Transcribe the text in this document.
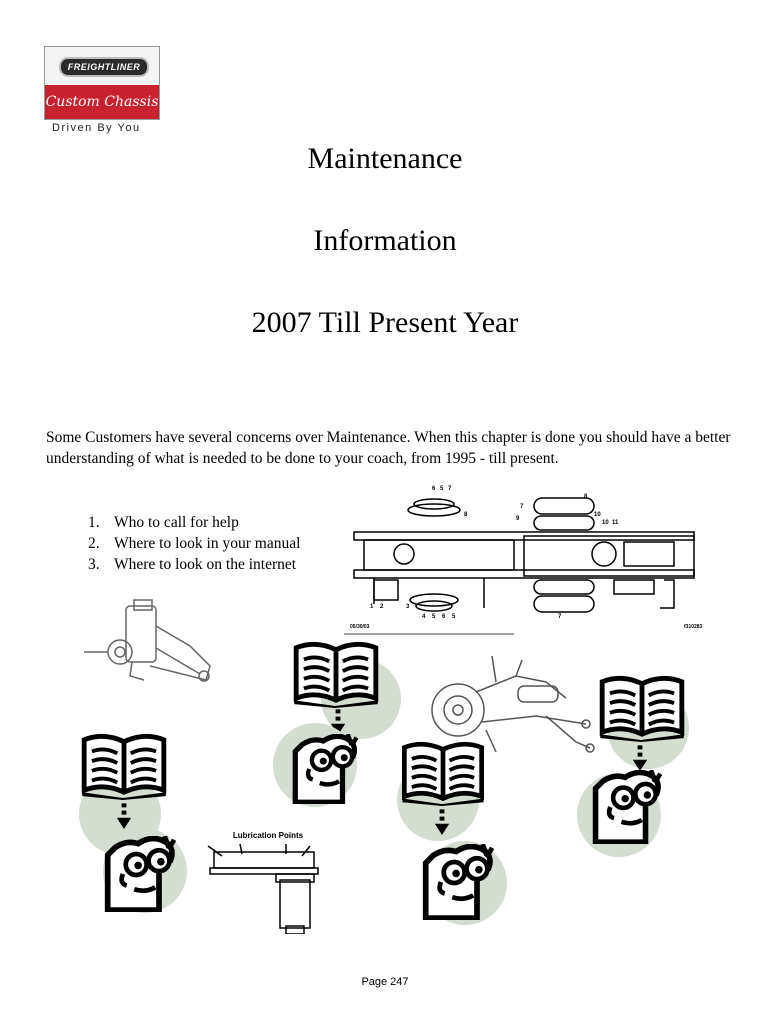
FREIGHTLINER
Custom Chassis
Driven By You
Maintenance
Information
2007 Till Present Year
Some Customers have several concerns over Maintenance. When this chapter is done you should have a better understanding of what is needed to be done to your coach, from 1995 - till present.
1. Who to call for help
2. Where to look in your manual
3. Where to look on the internet
6 5 7
8
7
9
8
10
10 11
1 2	3
4 5 6 5	7
05/30/03	f310283
Lubrication Points
Page 247
